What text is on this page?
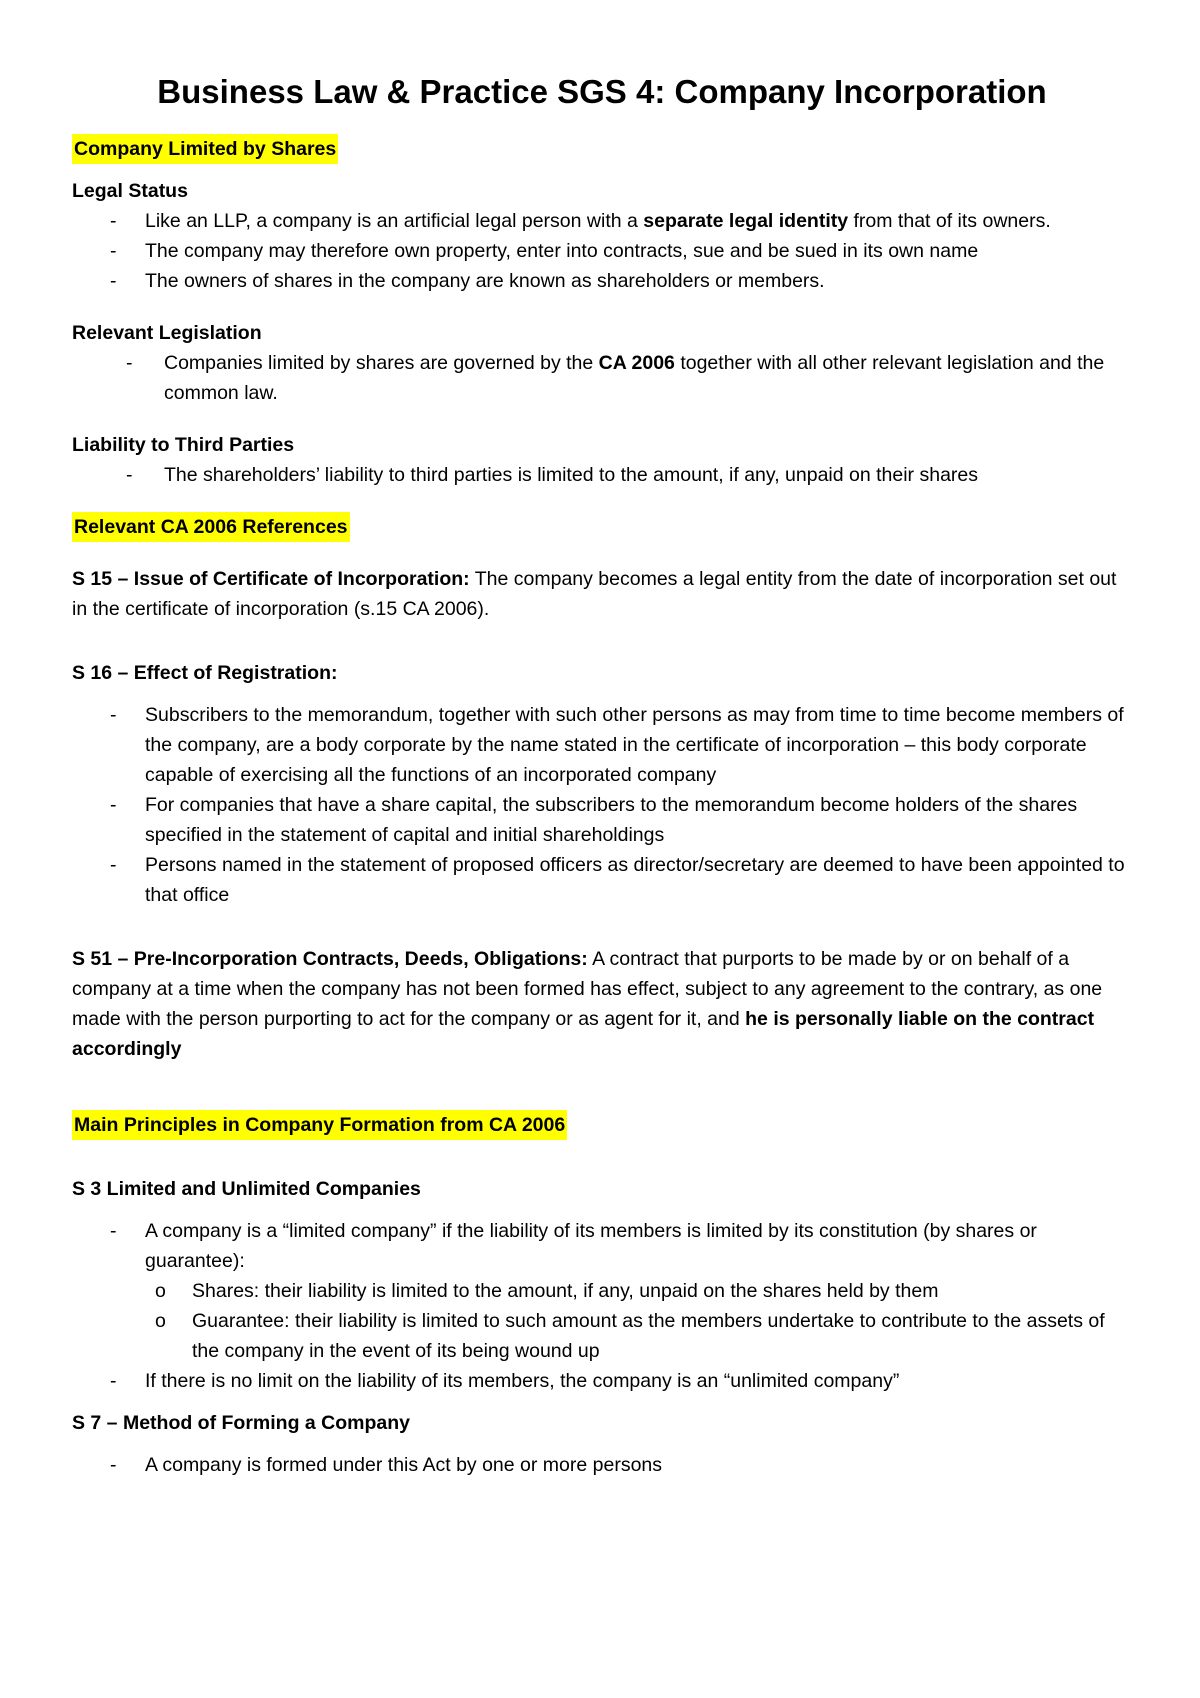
Business Law & Practice SGS 4: Company Incorporation

Company Limited by Shares

Legal Status

- Like an LLP, a company is an artificial legal person with a separate legal identity from that of its owners.
- The company may therefore own property, enter into contracts, sue and be sued in its own name
- The owners of shares in the company are known as shareholders or members.

Relevant Legislation

- Companies limited by shares are governed by the CA 2006 together with all other relevant legislation and the common law.

Liability to Third Parties

- The shareholders’ liability to third parties is limited to the amount, if any, unpaid on their shares

Relevant CA 2006 References

S 15 – Issue of Certificate of Incorporation: The company becomes a legal entity from the date of incorporation set out in the certificate of incorporation (s.15 CA 2006).

S 16 – Effect of Registration:

- Subscribers to the memorandum, together with such other persons as may from time to time become members of the company, are a body corporate by the name stated in the certificate of incorporation – this body corporate capable of exercising all the functions of an incorporated company
- For companies that have a share capital, the subscribers to the memorandum become holders of the shares specified in the statement of capital and initial shareholdings
- Persons named in the statement of proposed officers as director/secretary are deemed to have been appointed to that office

S 51 – Pre-Incorporation Contracts, Deeds, Obligations: A contract that purports to be made by or on behalf of a company at a time when the company has not been formed has effect, subject to any agreement to the contrary, as one made with the person purporting to act for the company or as agent for it, and he is personally liable on the contract accordingly

Main Principles in Company Formation from CA 2006

S 3 Limited and Unlimited Companies

- A company is a “limited company” if the liability of its members is limited by its constitution (by shares or guarantee):
o Shares: their liability is limited to the amount, if any, unpaid on the shares held by them
o Guarantee: their liability is limited to such amount as the members undertake to contribute to the assets of the company in the event of its being wound up
- If there is no limit on the liability of its members, the company is an “unlimited company”

S 7 – Method of Forming a Company

- A company is formed under this Act by one or more persons
